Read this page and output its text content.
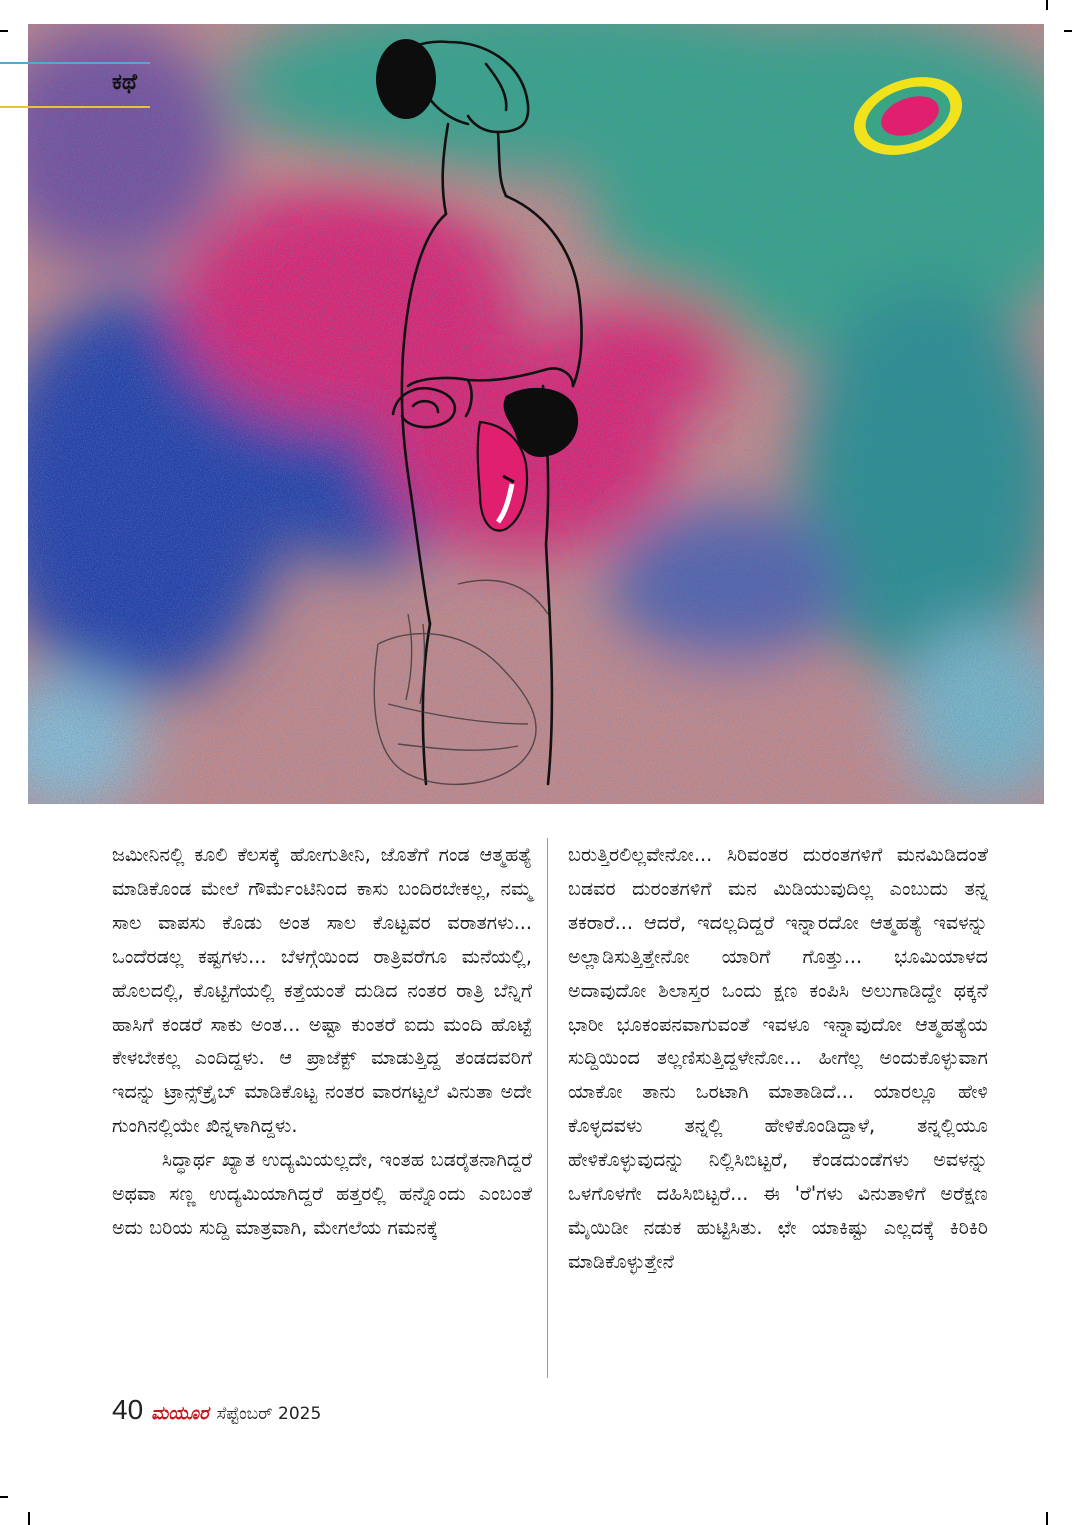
ಕಥೆ

ಜಮೀನಿನಲ್ಲಿ ಕೂಲಿ ಕೆಲಸಕ್ಕೆ ಹೋಗುತೀನಿ, ಜೊತೆಗೆ ಗಂಡ ಆತ್ಮಹತ್ಯೆ ಮಾಡಿಕೊಂಡ ಮೇಲೆ ಗೌರ್ಮೆಂಟಿನಿಂದ ಕಾಸು ಬಂದಿರಬೇಕಲ್ಲ, ನಮ್ಮ ಸಾಲ ವಾಪಸು ಕೊಡು ಅಂತ ಸಾಲ ಕೊಟ್ಟವರ ವರಾತಗಳು... ಒಂದೆರಡಲ್ಲ ಕಷ್ಟಗಳು... ಬೆಳಗ್ಗೆಯಿಂದ ರಾತ್ರಿವರೆಗೂ ಮನೆಯಲ್ಲಿ, ಹೊಲದಲ್ಲಿ, ಕೊಟ್ಟಿಗೆಯಲ್ಲಿ ಕತ್ತೆಯಂತೆ ದುಡಿದ ನಂತರ ರಾತ್ರಿ ಬೆನ್ನಿಗೆ ಹಾಸಿಗೆ ಕಂಡರೆ ಸಾಕು ಅಂತ... ಅಷ್ಟಾ ಕುಂತರೆ ಐದು ಮಂದಿ ಹೊಟ್ಟೆ ಕೇಳಬೇಕಲ್ಲ ಎಂದಿದ್ದಳು. ಆ ಪ್ರಾಜೆಕ್ಟ್ ಮಾಡುತ್ತಿದ್ದ ತಂಡದವರಿಗೆ ಇದನ್ನು ಟ್ರಾನ್ಸ್‌ಕ್ರೈಬ್ ಮಾಡಿಕೊಟ್ಟ ನಂತರ ವಾರಗಟ್ಟಲೆ ವಿನುತಾ ಅದೇ ಗುಂಗಿನಲ್ಲಿಯೇ ಖಿನ್ನಳಾಗಿದ್ದಳು.

ಸಿದ್ಧಾರ್ಥ ಖ್ಯಾತ ಉದ್ಯಮಿಯಲ್ಲದೇ, ಇಂತಹ ಬಡರೈತನಾಗಿದ್ದರೆ ಅಥವಾ ಸಣ್ಣ ಉದ್ಯಮಿಯಾಗಿದ್ದರೆ ಹತ್ತರಲ್ಲಿ ಹನ್ನೊಂದು ಎಂಬಂತೆ ಅದು ಬರಿಯ ಸುದ್ದಿ ಮಾತ್ರವಾಗಿ, ಮೇಗಲೆಯ ಗಮನಕ್ಕೆ

ಬರುತ್ತಿರಲಿಲ್ಲವೇನೋ... ಸಿರಿವಂತರ ದುರಂತಗಳಿಗೆ ಮನಮಿಡಿದಂತೆ ಬಡವರ ದುರಂತಗಳಿಗೆ ಮನ ಮಿಡಿಯುವುದಿಲ್ಲ ಎಂಬುದು ತನ್ನ ತಕರಾರೆ... ಆದರೆ, ಇದಲ್ಲದಿದ್ದರೆ ಇನ್ನಾರದೋ ಆತ್ಮಹತ್ಯೆ ಇವಳನ್ನು ಅಲ್ಲಾಡಿಸುತ್ತಿತ್ತೇನೋ ಯಾರಿಗೆ ಗೊತ್ತು... ಭೂಮಿಯಾಳದ ಅದಾವುದೋ ಶಿಲಾಸ್ತರ ಒಂದು ಕ್ಷಣ ಕಂಪಿಸಿ ಅಲುಗಾಡಿದ್ದೇ ಥಕ್ಕನೆ ಭಾರೀ ಭೂಕಂಪನವಾಗುವಂತೆ ಇವಳೂ ಇನ್ನಾವುದೋ ಆತ್ಮಹತ್ಯೆಯ ಸುದ್ದಿಯಿಂದ ತಲ್ಲಣಿಸುತ್ತಿದ್ದಳೇನೋ... ಹೀಗೆಲ್ಲ ಅಂದುಕೊಳ್ಳುವಾಗ ಯಾಕೋ ತಾನು ಒರಟಾಗಿ ಮಾತಾಡಿದೆ... ಯಾರಲ್ಲೂ ಹೇಳಿ ಕೊಳ್ಳದವಳು ತನ್ನಲ್ಲಿ ಹೇಳಿಕೊಂಡಿದ್ದಾಳೆ, ತನ್ನಲ್ಲಿಯೂ ಹೇಳಿಕೊಳ್ಳುವುದನ್ನು ನಿಲ್ಲಿಸಿಬಿಟ್ಟರೆ, ಕೆಂಡದುಂಡೆಗಳು ಅವಳನ್ನು ಒಳಗೊಳಗೇ ದಹಿಸಿಬಿಟ್ಟರೆ... ಈ 'ರೆ'ಗಳು ವಿನುತಾಳಿಗೆ ಅರೆಕ್ಷಣ ಮೈಯಿಡೀ ನಡುಕ ಹುಟ್ಟಿಸಿತು. ಛೇ ಯಾಕಿಷ್ಟು ಎಲ್ಲದಕ್ಕೆ ಕಿರಿಕಿರಿ ಮಾಡಿಕೊಳ್ಳುತ್ತೇನೆ

40 ಮಯೂರ ಸೆಪ್ಟೆಂಬರ್ 2025
